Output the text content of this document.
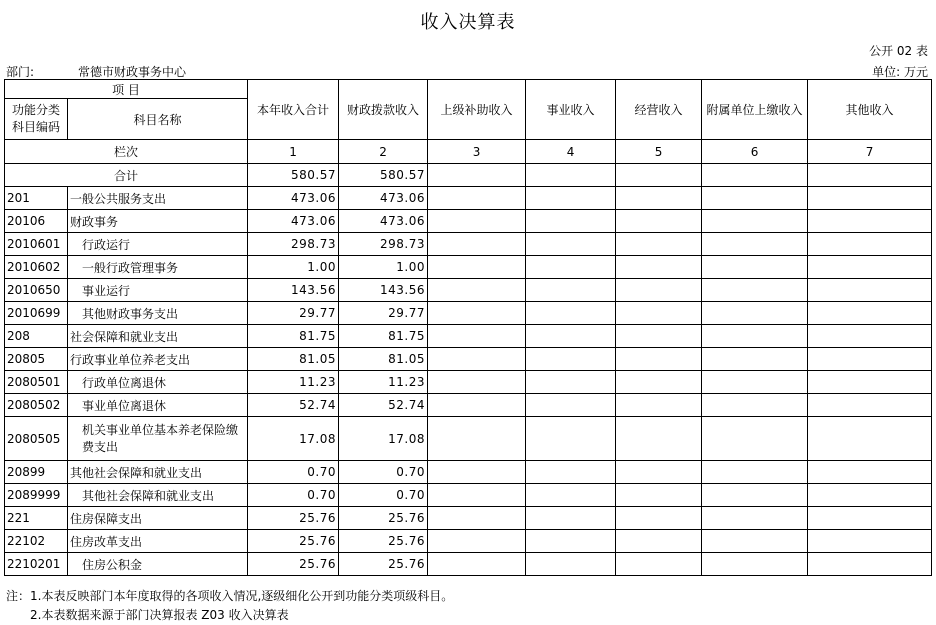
收入决算表
公开 02 表
部门:	常德市财政事务中心	单位: 万元
项 目		本年收入合计	财政拨款收入	上级补助收入	事业收入	经营收入	附属单位上缴收入	其他收入
功能分类科目编码	科目名称							
栏次		1	2	3	4	5	6	7
合计		580.57	580.57					
201	一般公共服务支出	473.06	473.06					
20106	财政事务	473.06	473.06					
2010601	行政运行	298.73	298.73					
2010602	一般行政管理事务	1.00	1.00					
2010650	事业运行	143.56	143.56					
2010699	其他财政事务支出	29.77	29.77					
208	社会保障和就业支出	81.75	81.75					
20805	行政事业单位养老支出	81.05	81.05					
2080501	行政单位离退休	11.23	11.23					
2080502	事业单位离退休	52.74	52.74					
2080505	机关事业单位基本养老保险缴费支出	17.08	17.08					
20899	其他社会保障和就业支出	0.70	0.70					
2089999	其他社会保障和就业支出	0.70	0.70					
221	住房保障支出	25.76	25.76					
22102	住房改革支出	25.76	25.76					
2210201	住房公积金	25.76	25.76					
注：1.本表反映部门本年度取得的各项收入情况,逐级细化公开到功能分类项级科目。
2.本表数据来源于部门决算报表 Z03 收入决算表
